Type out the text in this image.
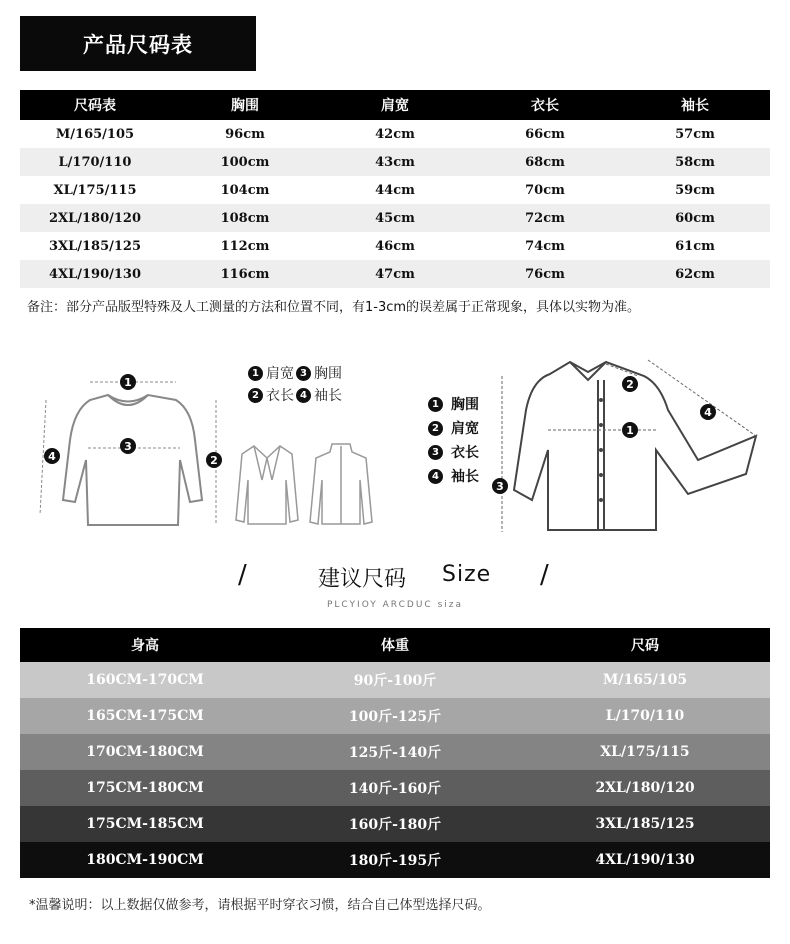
产品尺码表
尺码表	胸围	肩宽	衣长	袖长
M/165/105	96cm	42cm	66cm	57cm
L/170/110	100cm	43cm	68cm	58cm
XL/175/115	104cm	44cm	70cm	59cm
2XL/180/120	108cm	45cm	72cm	60cm
3XL/185/125	112cm	46cm	74cm	61cm
4XL/190/130	116cm	47cm	76cm	62cm
备注：部分产品版型特殊及人工测量的方法和位置不同，有1-3cm的误差属于正常现象，具体以实物为准。
1
3
2
4
1 肩宽 3 胸围
2 衣长 4 袖长	1 胸围
2 肩宽
3 衣长
4 袖长
1
2
3
4
/	建议尺码 Size /
PLCYIOY ARCDUC siza
身高	体重	尺码
160CM-170CM	90斤-100斤	M/165/105
165CM-175CM	100斤-125斤	L/170/110
170CM-180CM	125斤-140斤	XL/175/115
175CM-180CM	140斤-160斤	2XL/180/120
175CM-185CM	160斤-180斤	3XL/185/125
180CM-190CM	180斤-195斤	4XL/190/130
*温馨说明：以上数据仅做参考，请根据平时穿衣习惯，结合自己体型选择尺码。
